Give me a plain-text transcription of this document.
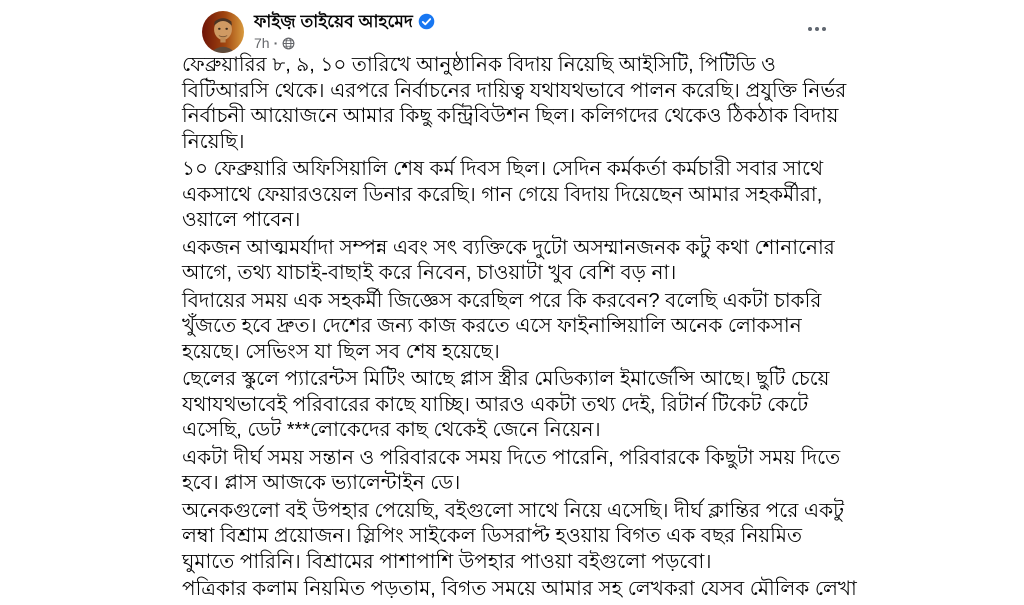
ফাইজ় তাইয়েব আহমেদ
7h ·

ফেব্রুয়ারির ৮, ৯, ১০ তারিখে আনুষ্ঠানিক বিদায় নিয়েছি আইসিটি, পিটিডি ও বিটিআরসি থেকে। এরপরে নির্বাচনের দায়িত্ব যথাযথভাবে পালন করেছি। প্রযুক্তি নির্ভর নির্বাচনী আয়োজনে আমার কিছু কন্ট্রিবিউশন ছিল। কলিগদের থেকেও ঠিকঠাক বিদায় নিয়েছি।

১০ ফেব্রুয়ারি অফিসিয়ালি শেষ কর্ম দিবস ছিল। সেদিন কর্মকর্তা কর্মচারী সবার সাথে একসাথে ফেয়ারওয়েল ডিনার করেছি। গান গেয়ে বিদায় দিয়েছেন আমার সহকর্মীরা, ওয়ালে পাবেন।

একজন আত্মমর্যাদা সম্পন্ন এবং সৎ ব্যক্তিকে দুটো অসম্মানজনক কটু কথা শোনানোর আগে, তথ্য যাচাই-বাছাই করে নিবেন, চাওয়াটা খুব বেশি বড় না।

বিদায়ের সময় এক সহকর্মী জিজ্ঞেস করেছিল পরে কি করবেন? বলেছি একটা চাকরি খুঁজতে হবে দ্রুত। দেশের জন্য কাজ করতে এসে ফাইনান্সিয়ালি অনেক লোকসান হয়েছে। সেভিংস যা ছিল সব শেষ হয়েছে।

ছেলের স্কুলে প্যারেন্টস মিটিং আছে প্লাস স্ত্রীর মেডিক্যাল ইমার্জেন্সি আছে। ছুটি চেয়ে যথাযথভাবেই পরিবারের কাছে যাচ্ছি। আরও একটা তথ্য দেই, রিটার্ন টিকেট কেটে এসেছি, ডেট ***লোকেদের কাছ থেকেই জেনে নিয়েন।

একটা দীর্ঘ সময় সন্তান ও পরিবারকে সময় দিতে পারেনি, পরিবারকে কিছুটা সময় দিতে হবে। প্লাস আজকে ভ্যালেন্টাইন ডে।

অনেকগুলো বই উপহার পেয়েছি, বইগুলো সাথে নিয়ে এসেছি। দীর্ঘ ক্লান্তির পরে একটু লম্বা বিশ্রাম প্রয়োজন। স্লিপিং সাইকেল ডিসরাপ্ট হওয়ায় বিগত এক বছর নিয়মিত ঘুমাতে পারিনি। বিশ্রামের পাশাপাশি উপহার পাওয়া বইগুলো পড়বো।

পত্রিকার কলাম নিয়মিত পড়তাম, বিগত সময়ে আমার সহ লেখকরা যেসব মৌলিক লেখা
